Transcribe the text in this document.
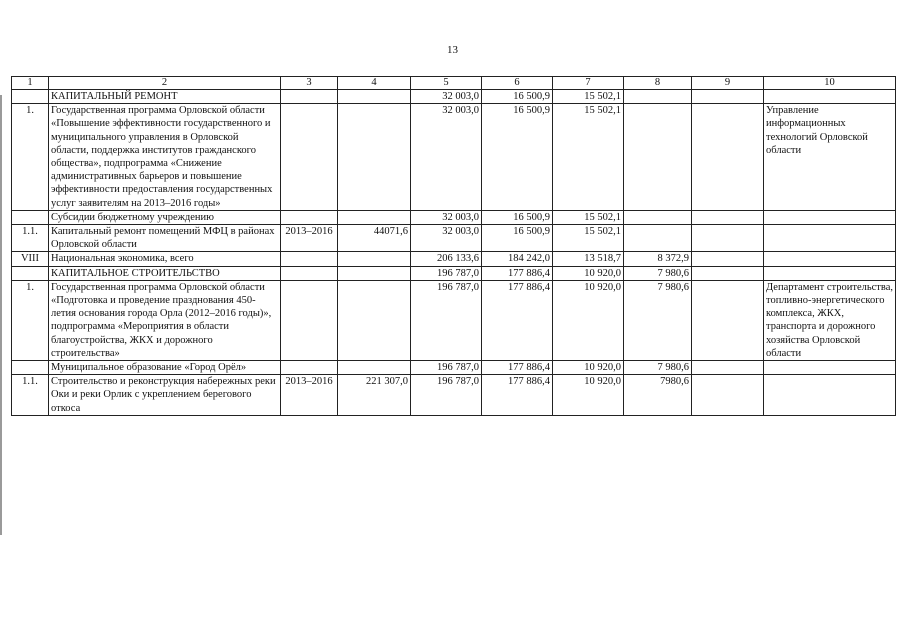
13
1	2	3	4	5	6	7	8	9	10
	КАПИТАЛЬНЫЙ РЕМОНТ			32 003,0	16 500,9	15 502,1			
1.	Государственная программа Орловской области «Повышение эффективности государственного и муниципального управления в Орловской области, поддержка институтов гражданского общества», подпрограмма «Снижение административных барьеров и повышение эффективности предоставления государственных услуг заявителям на 2013–2016 годы»			32 003,0	16 500,9	15 502,1			Управление информационных технологий Орловской области
	Субсидии бюджетному учреждению			32 003,0	16 500,9	15 502,1			
1.1.	Капитальный ремонт помещений МФЦ в районах Орловской области	2013–2016	44071,6	32 003,0	16 500,9	15 502,1			
VIII	Национальная экономика, всего			206 133,6	184 242,0	13 518,7	8 372,9		
	КАПИТАЛЬНОЕ СТРОИТЕЛЬСТВО			196 787,0	177 886,4	10 920,0	7 980,6		
1.	Государственная программа Орловской области «Подготовка и проведение празднования 450-летия основания города Орла (2012–2016 годы)», подпрограмма «Мероприятия в области благоустройства, ЖКХ и дорожного строительства»			196 787,0	177 886,4	10 920,0	7 980,6		Департамент строительства, топливно-энергетического комплекса, ЖКХ, транспорта и дорожного хозяйства Орловской области
	Муниципальное образование «Город Орёл»			196 787,0	177 886,4	10 920,0	7 980,6		
1.1.	Строительство и реконструкция набережных реки Оки и реки Орлик с укреплением берегового откоса	2013–2016	221 307,0	196 787,0	177 886,4	10 920,0	7980,6		
